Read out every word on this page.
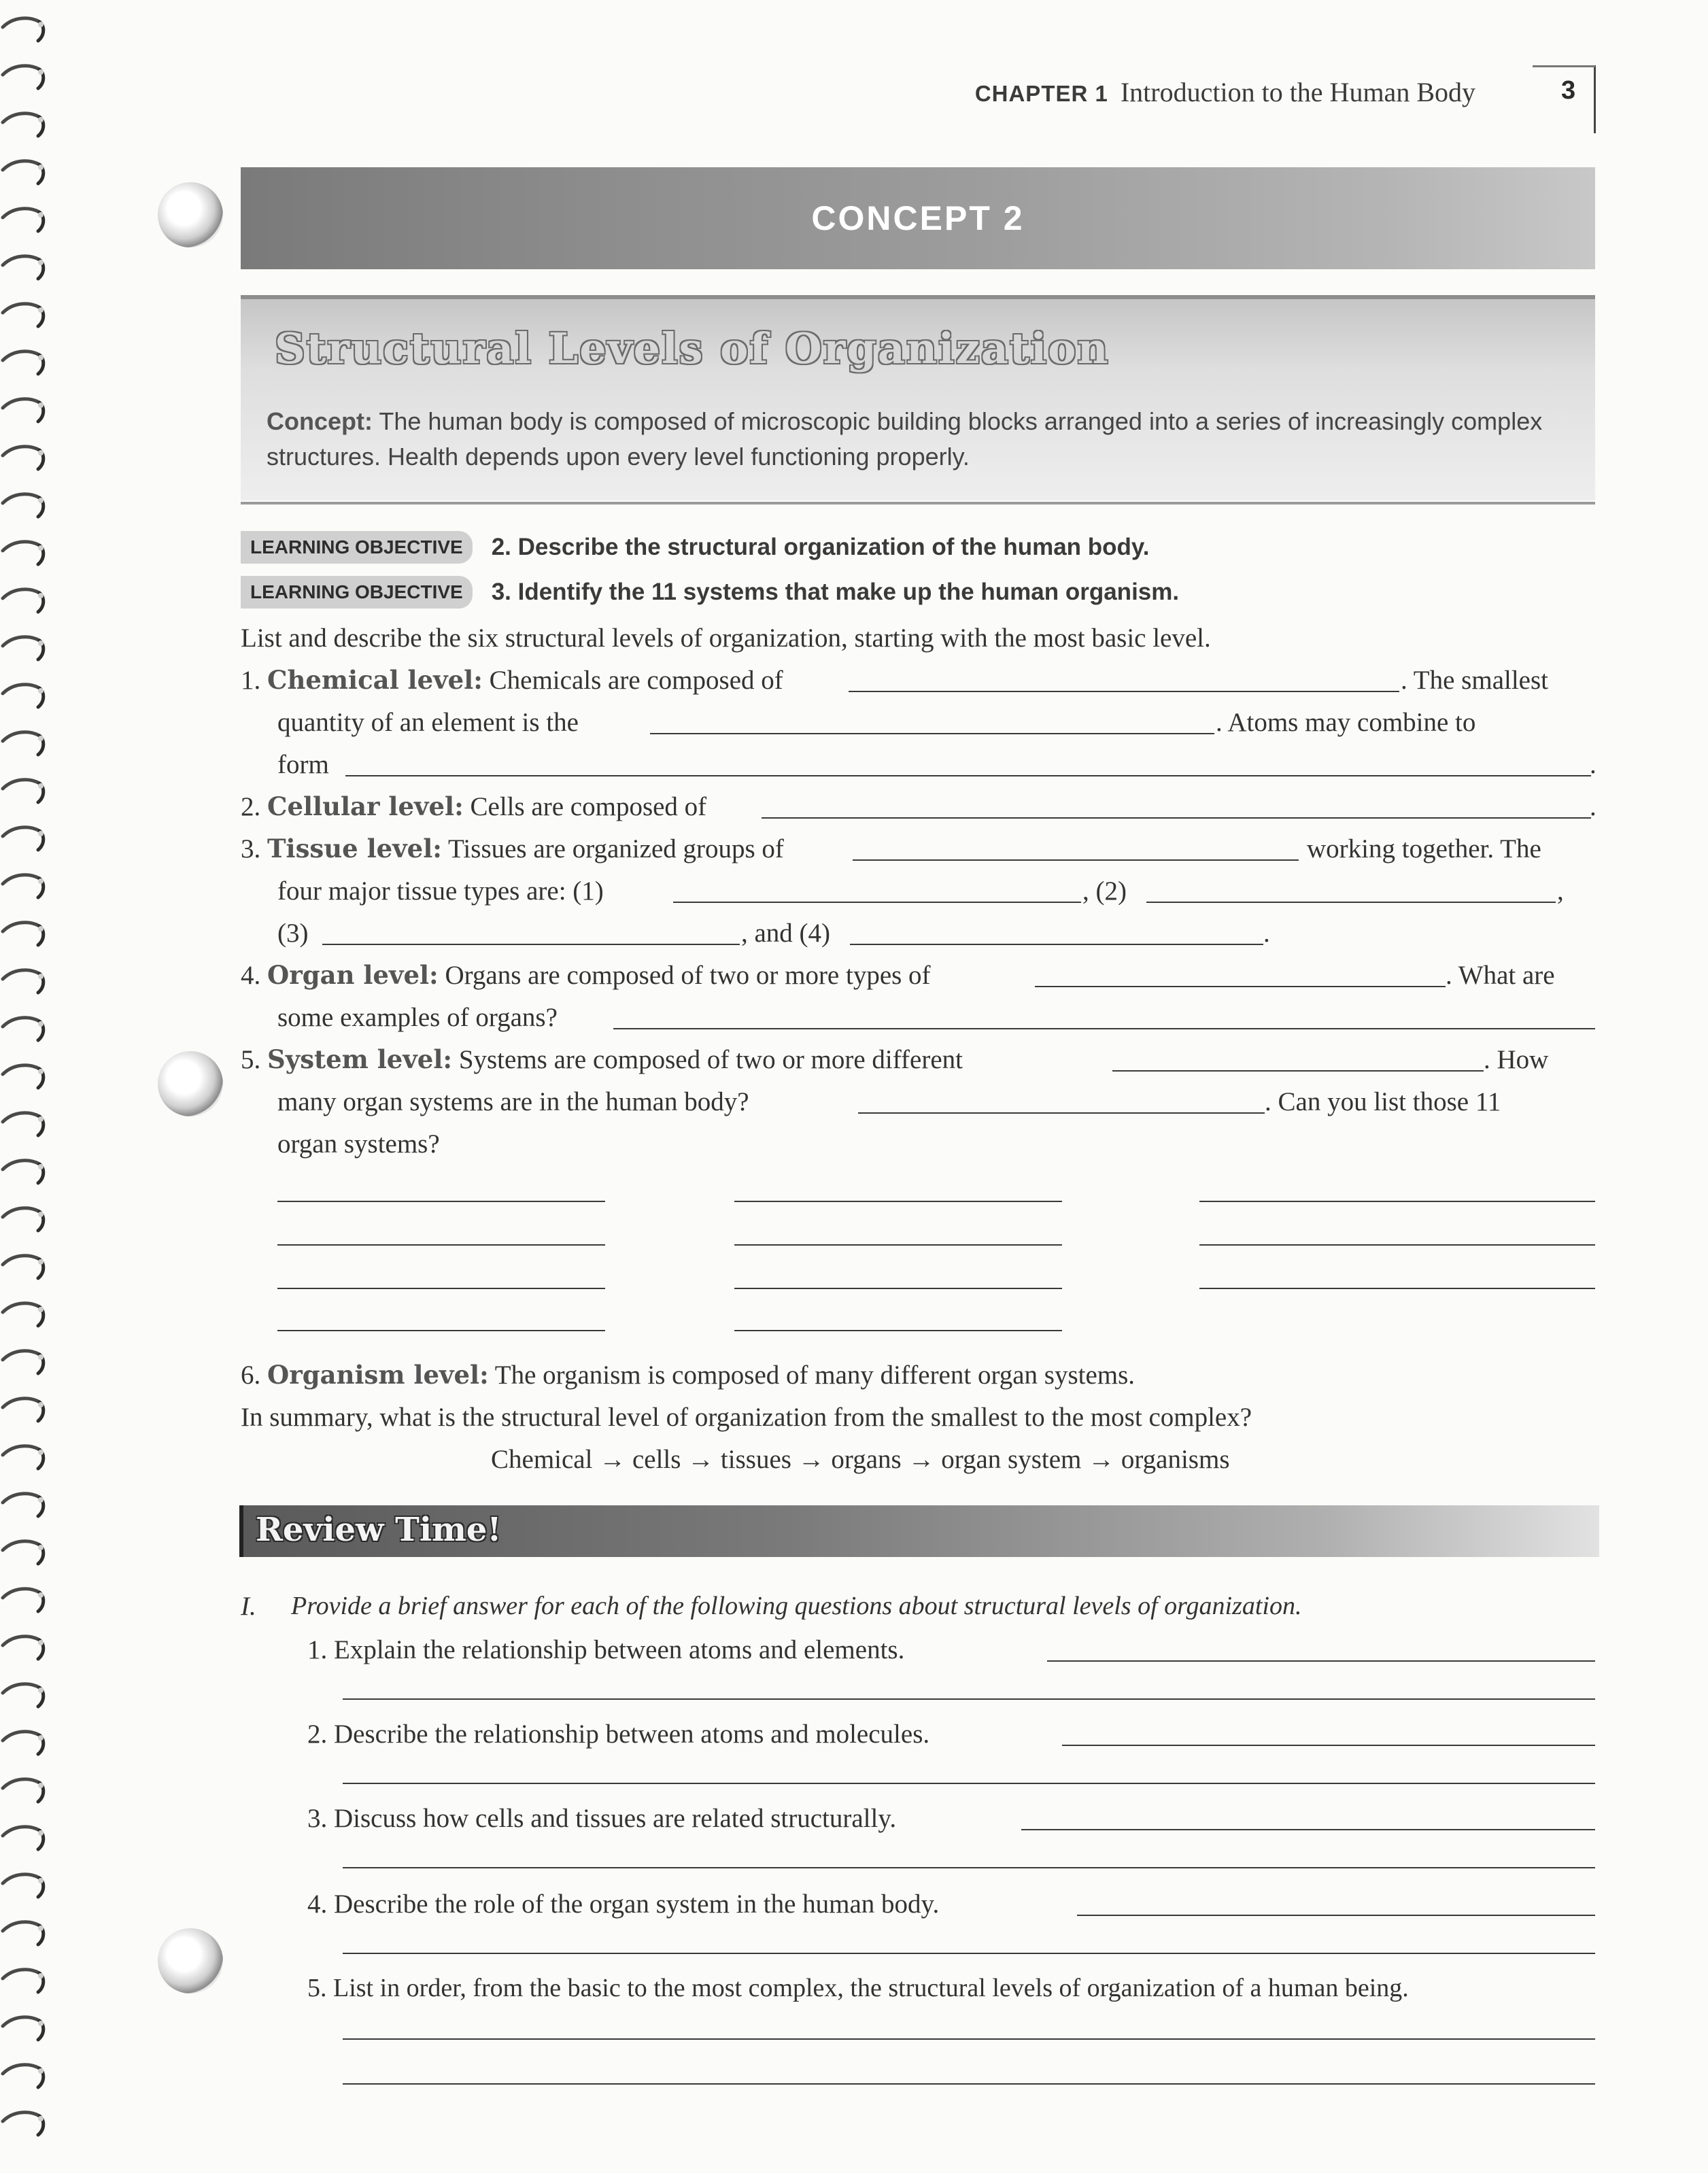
CHAPTER 1 Introduction to the Human Body	3
CONCEPT 2
Structural Levels of Organization
Concept: The human body is composed of microscopic building blocks arranged into a series of increasingly complex structures. Health depends upon every level functioning properly.
LEARNING OBJECTIVE	2. Describe the structural organization of the human body.
LEARNING OBJECTIVE	3. Identify the 11 systems that make up the human organism.
List and describe the six structural levels of organization, starting with the most basic level.
1. Chemical level: Chemicals are composed of	. The smallest
quantity of an element is the	. Atoms may combine to
form	.
2. Cellular level: Cells are composed of	.
3. Tissue level: Tissues are organized groups of	working together. The
four major tissue types are: (1)	, (2)	,
(3)	, and (4)	.
4. Organ level: Organs are composed of two or more types of	. What are
some examples of organs?
5. System level: Systems are composed of two or more different	. How
many organ systems are in the human body?	. Can you list those 11
organ systems?
6. Organism level: The organism is composed of many different organ systems.
In summary, what is the structural level of organization from the smallest to the most complex?
Chemical → cells → tissues → organs → organ system → organisms
Review Time!
I. Provide a brief answer for each of the following questions about structural levels of organization.
1. Explain the relationship between atoms and elements.
2. Describe the relationship between atoms and molecules.
3. Discuss how cells and tissues are related structurally.
4. Describe the role of the organ system in the human body.
5. List in order, from the basic to the most complex, the structural levels of organization of a human being.
